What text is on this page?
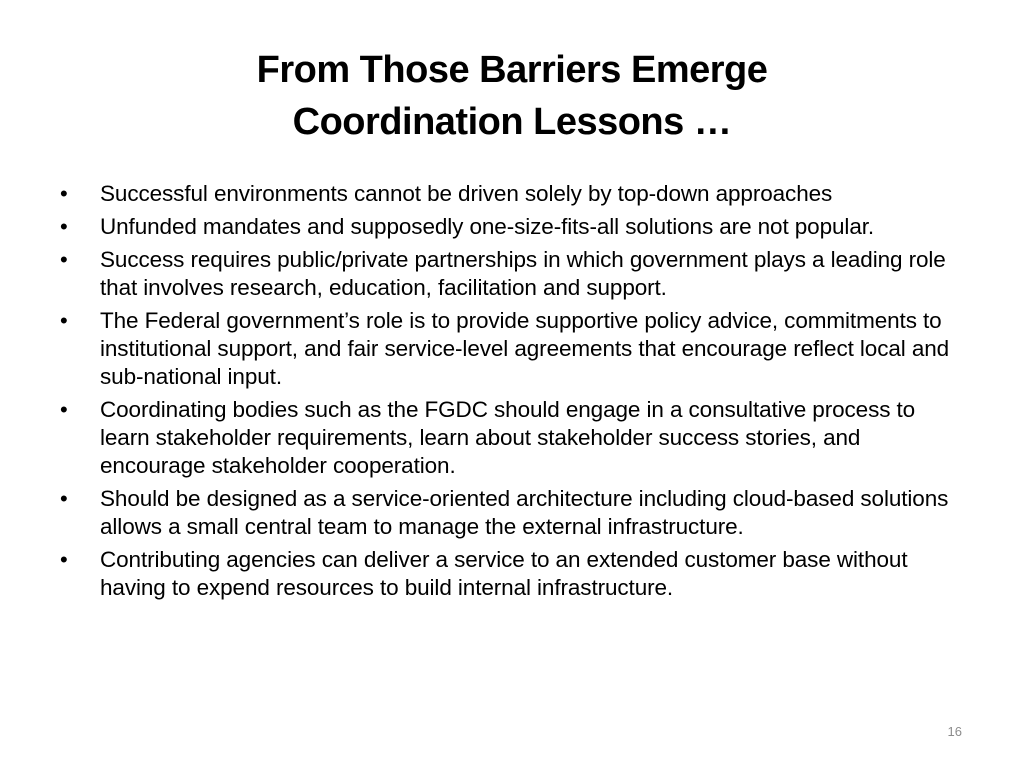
From Those Barriers Emerge
Coordination Lessons …
• Successful environments cannot be driven solely by top-down approaches
• Unfunded mandates and supposedly one-size-fits-all solutions are not popular.
• Success requires public/private partnerships in which government plays a leading role that involves research, education, facilitation and support.
• The Federal government’s role is to provide supportive policy advice, commitments to institutional support, and fair service-level agreements that encourage reflect local and sub-national input.
• Coordinating bodies such as the FGDC should engage in a consultative process to learn stakeholder requirements, learn about stakeholder success stories, and encourage stakeholder cooperation.
• Should be designed as a service-oriented architecture including cloud-based solutions allows a small central team to manage the external infrastructure.
• Contributing agencies can deliver a service to an extended customer base without having to expend resources to build internal infrastructure.
16
